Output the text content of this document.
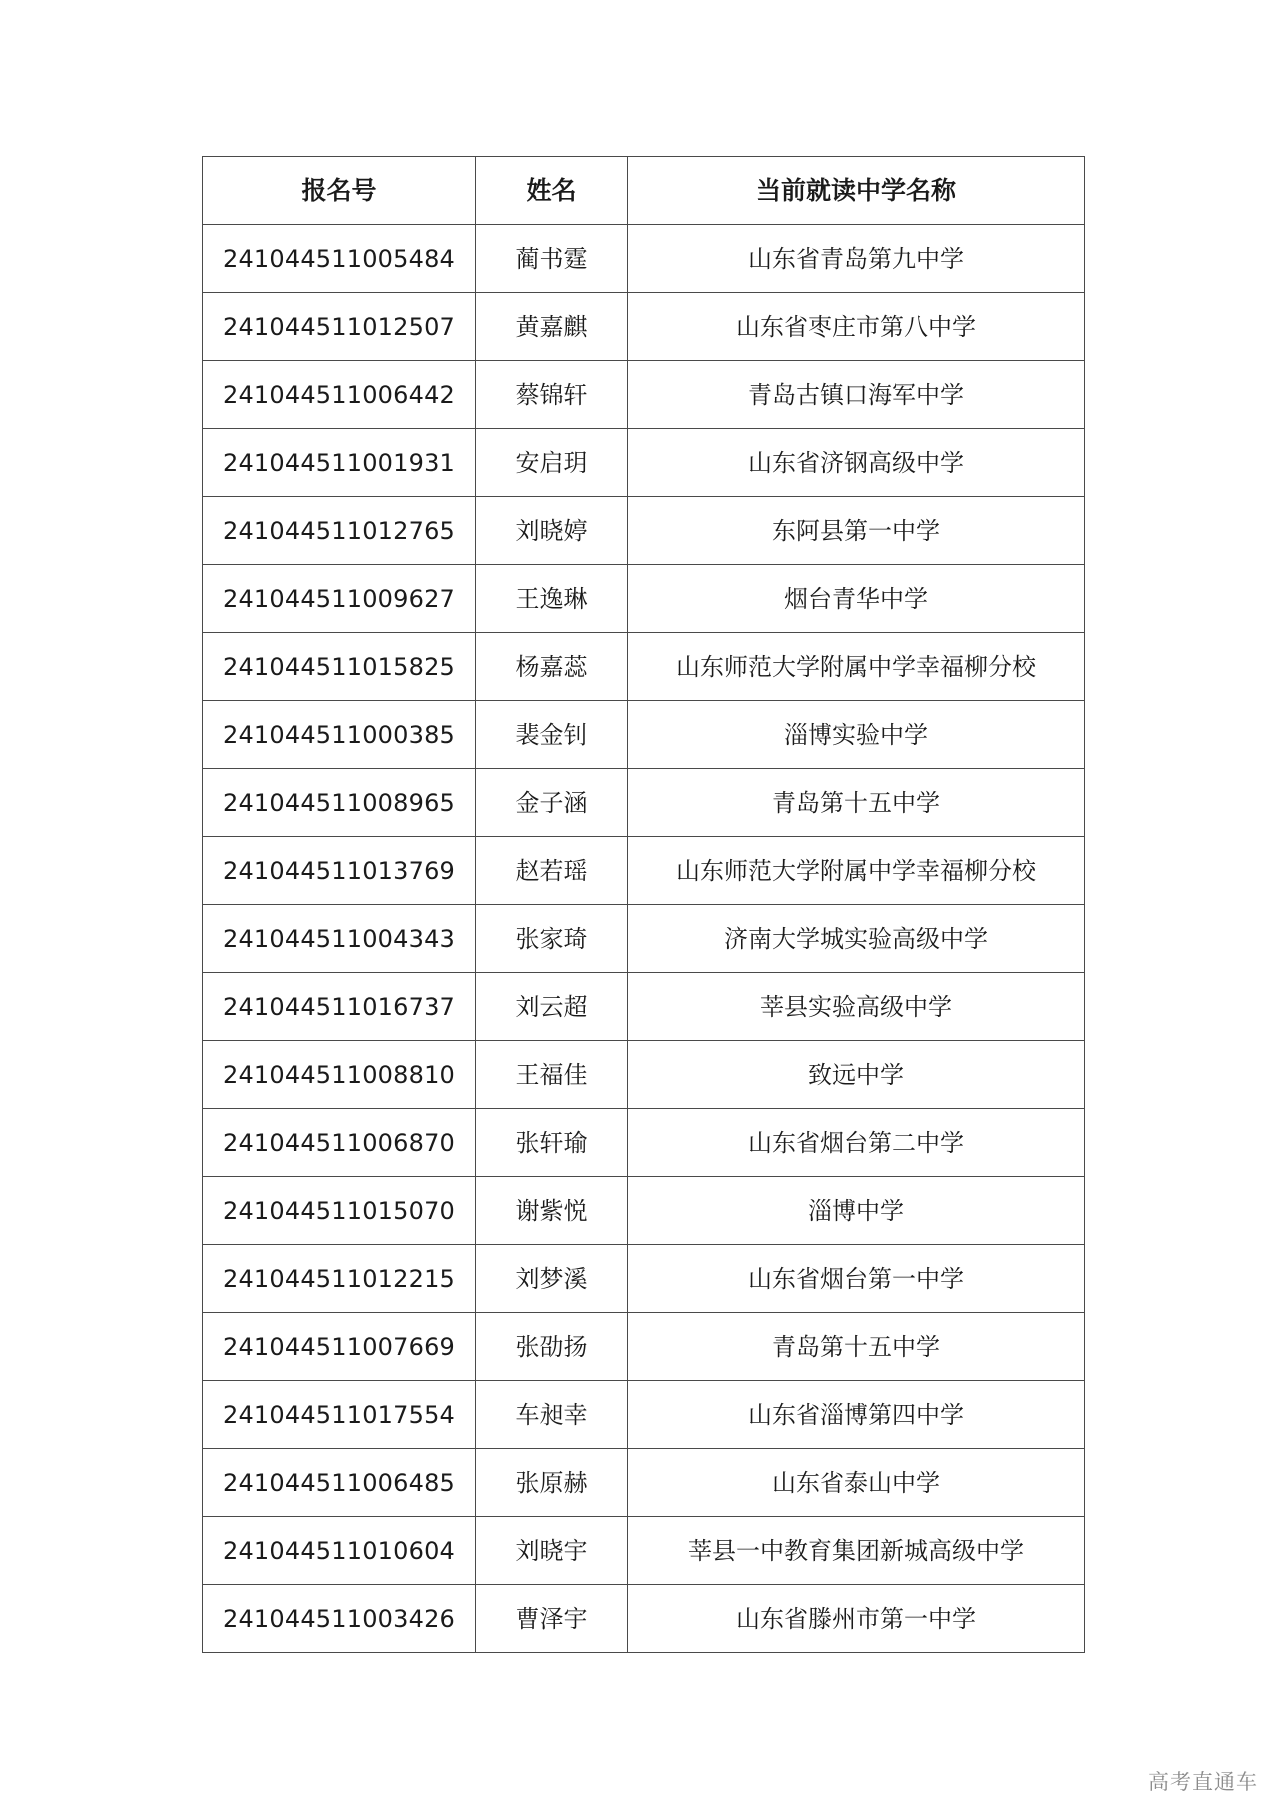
报名号	姓名	当前就读中学名称
241044511005484	蔺书霆	山东省青岛第九中学
241044511012507	黄嘉麒	山东省枣庄市第八中学
241044511006442	蔡锦轩	青岛古镇口海军中学
241044511001931	安启玥	山东省济钢高级中学
241044511012765	刘晓婷	东阿县第一中学
241044511009627	王逸琳	烟台青华中学
241044511015825	杨嘉蕊	山东师范大学附属中学幸福柳分校
241044511000385	裴金钊	淄博实验中学
241044511008965	金子涵	青岛第十五中学
241044511013769	赵若瑶	山东师范大学附属中学幸福柳分校
241044511004343	张家琦	济南大学城实验高级中学
241044511016737	刘云超	莘县实验高级中学
241044511008810	王福佳	致远中学
241044511006870	张轩瑜	山东省烟台第二中学
241044511015070	谢紫悦	淄博中学
241044511012215	刘梦溪	山东省烟台第一中学
241044511007669	张劭扬	青岛第十五中学
241044511017554	车昶幸	山东省淄博第四中学
241044511006485	张原赫	山东省泰山中学
241044511010604	刘晓宇	莘县一中教育集团新城高级中学
241044511003426	曹泽宇	山东省滕州市第一中学
高考直通车
